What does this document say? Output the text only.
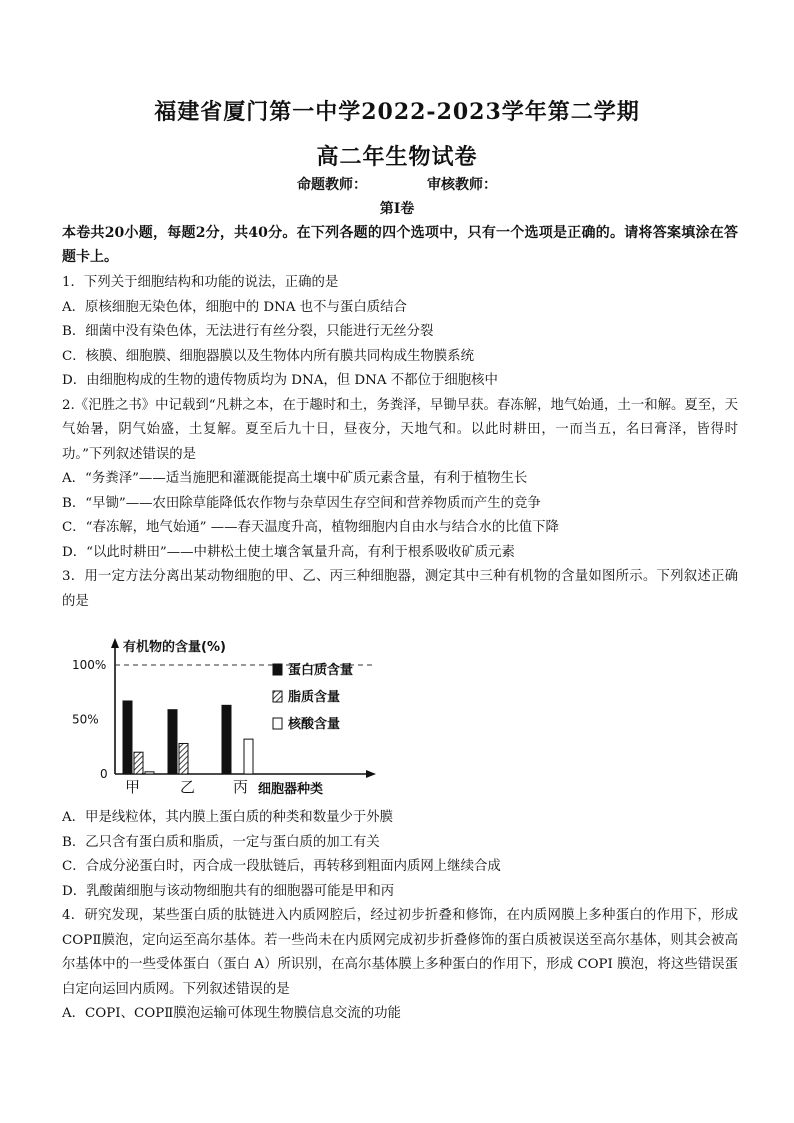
福建省厦门第一中学2022-2023学年第二学期
高二年生物试卷
命题教师：	审核教师：
第Ⅰ卷
本卷共20小题，每题2分，共40分。在下列各题的四个选项中，只有一个选项是正确的。请将答案填涂在答题卡上。
1．下列关于细胞结构和功能的说法，正确的是
A．原核细胞无染色体，细胞中的 DNA 也不与蛋白质结合
B．细菌中没有染色体，无法进行有丝分裂，只能进行无丝分裂
C．核膜、细胞膜、细胞器膜以及生物体内所有膜共同构成生物膜系统
D．由细胞构成的生物的遗传物质均为 DNA，但 DNA 不都位于细胞核中
2.《汜胜之书》中记载到“凡耕之本，在于趣时和土，务粪泽，早锄早获。春冻解，地气始通，土一和解。夏至，天气始暑，阴气始盛，土复解。夏至后九十日，昼夜分，天地气和。以此时耕田，一而当五，名曰膏泽，皆得时功。”下列叙述错误的是
A．“务粪泽”——适当施肥和灌溉能提高土壤中矿质元素含量，有利于植物生长
B．“早锄”——农田除草能降低农作物与杂草因生存空间和营养物质而产生的竞争
C．“春冻解，地气始通” ——春天温度升高，植物细胞内自由水与结合水的比值下降
D．“以此时耕田”——中耕松土使土壤含氧量升高，有利于根系吸收矿质元素
3．用一定方法分离出某动物细胞的甲、乙、丙三种细胞器，测定其中三种有机物的含量如图所示。下列叙述正确的是
有机物的含量(%)
100%
50%
0
甲	乙	丙 细胞器种类
蛋白质含量
脂质含量
核酸含量
A．甲是线粒体，其内膜上蛋白质的种类和数量少于外膜
B．乙只含有蛋白质和脂质，一定与蛋白质的加工有关
C．合成分泌蛋白时，丙合成一段肽链后，再转移到粗面内质网上继续合成
D．乳酸菌细胞与该动物细胞共有的细胞器可能是甲和丙
4．研究发现，某些蛋白质的肽链进入内质网腔后，经过初步折叠和修饰，在内质网膜上多种蛋白的作用下，形成 COPⅡ膜泡，定向运至高尔基体。若一些尚未在内质网完成初步折叠修饰的蛋白质被误送至高尔基体，则其会被高尔基体中的一些受体蛋白（蛋白 A）所识别，在高尔基体膜上多种蛋白的作用下，形成 COPI 膜泡，将这些错误蛋白定向运回内质网。下列叙述错误的是
A．COPI、COPⅡ膜泡运输可体现生物膜信息交流的功能
